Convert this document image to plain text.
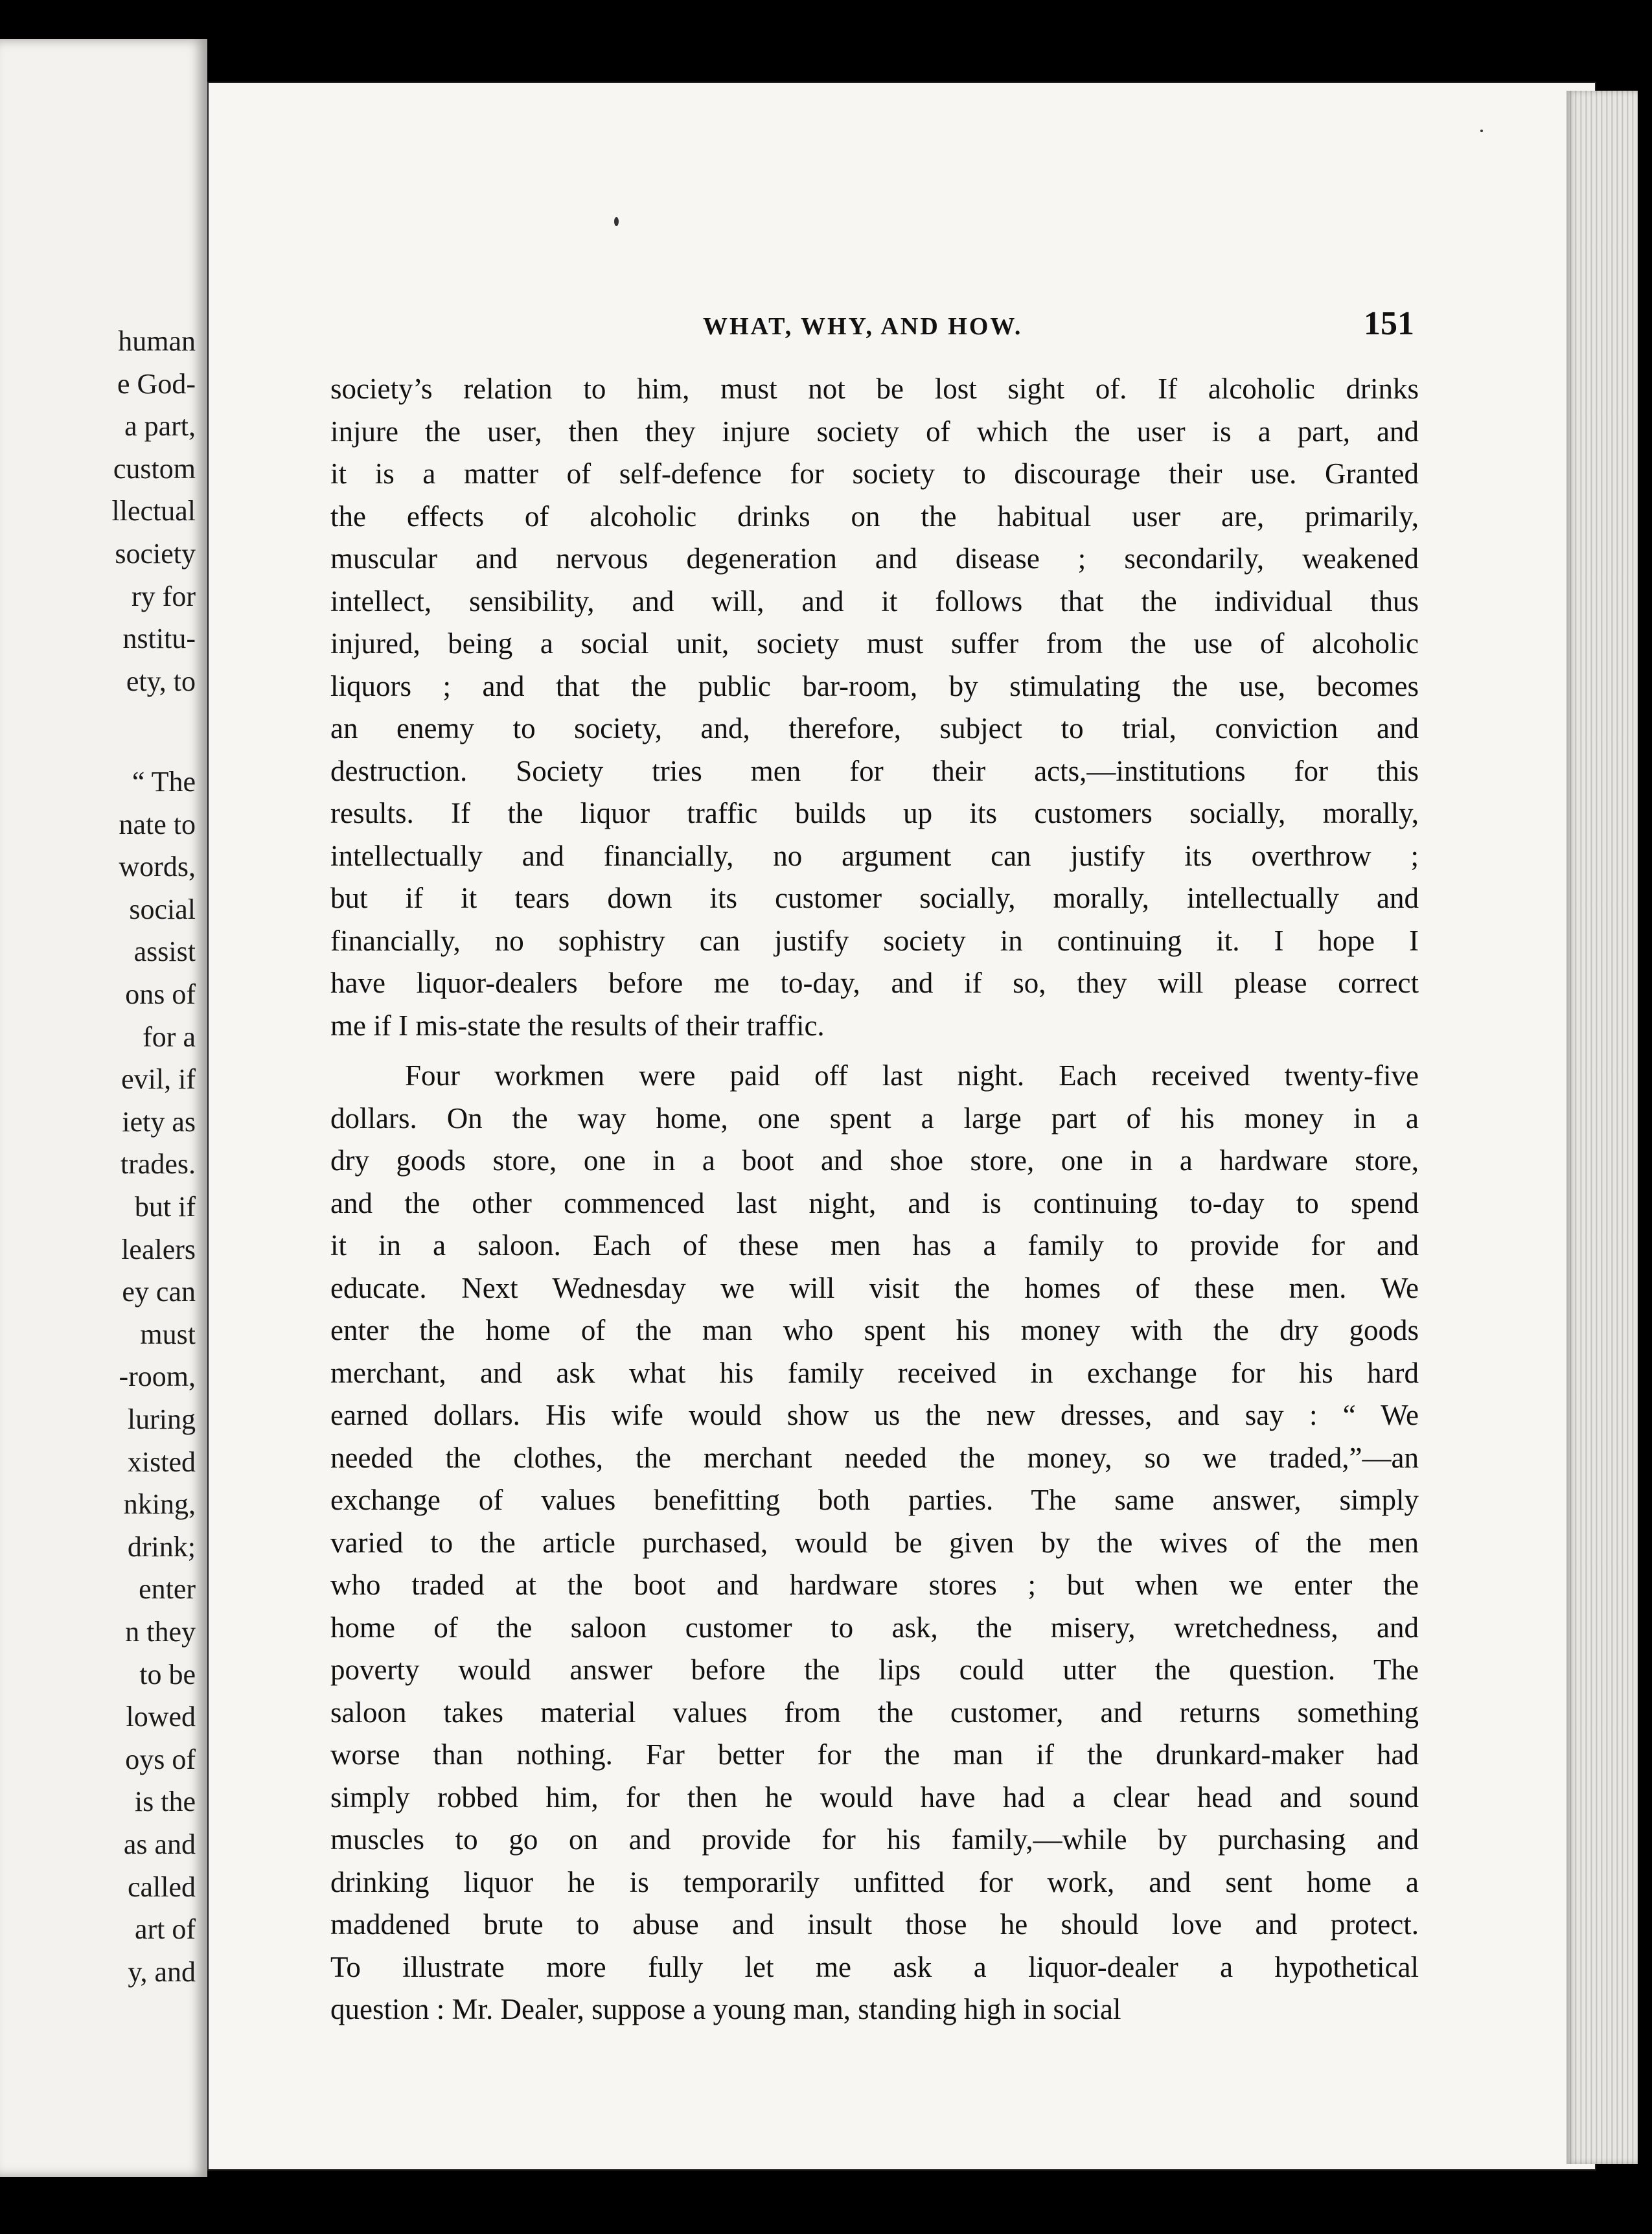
human
e God-
a part,
custom
llectual
society
ry for
nstitu-
ety, to
“ The
nate to
words,
social
assist
ons of
for a
evil, if
iety as
trades.
but if
lealers
ey can
must
-room,
luring
xisted
nking,
drink;
enter
n they
to be
lowed
oys of
is the
as and
called
art of
y, and
WHAT, WHY, AND HOW.	151
society’s relation to him, must not be lost sight of. If alcoholic drinks
injure the user, then they injure society of which the user is a part, and
it is a matter of self-defence for society to discourage their use. Granted
the effects of alcoholic drinks on the habitual user are, primarily,
muscular and nervous degeneration and disease ; secondarily, weakened
intellect, sensibility, and will, and it follows that the individual thus
injured, being a social unit, society must suffer from the use of alcoholic
liquors ; and that the public bar-room, by stimulating the use, becomes
an enemy to society, and, therefore, subject to trial, conviction and
destruction. Society tries men for their acts,—institutions for this
results. If the liquor traffic builds up its customers socially, morally,
intellectually and financially, no argument can justify its overthrow ;
but if it tears down its customer socially, morally, intellectually and
financially, no sophistry can justify society in continuing it. I hope I
have liquor-dealers before me to-day, and if so, they will please correct
me if I mis-state the results of their traffic.
Four workmen were paid off last night. Each received twenty-five
dollars. On the way home, one spent a large part of his money in a
dry goods store, one in a boot and shoe store, one in a hardware store,
and the other commenced last night, and is continuing to-day to spend
it in a saloon. Each of these men has a family to provide for and
educate. Next Wednesday we will visit the homes of these men. We
enter the home of the man who spent his money with the dry goods
merchant, and ask what his family received in exchange for his hard
earned dollars. His wife would show us the new dresses, and say : “ We
needed the clothes, the merchant needed the money, so we traded,”—an
exchange of values benefitting both parties. The same answer, simply
varied to the article purchased, would be given by the wives of the men
who traded at the boot and hardware stores ; but when we enter the
home of the saloon customer to ask, the misery, wretchedness, and
poverty would answer before the lips could utter the question. The
saloon takes material values from the customer, and returns something
worse than nothing. Far better for the man if the drunkard-maker had
simply robbed him, for then he would have had a clear head and sound
muscles to go on and provide for his family,—while by purchasing and
drinking liquor he is temporarily unfitted for work, and sent home a
maddened brute to abuse and insult those he should love and protect.
To illustrate more fully let me ask a liquor-dealer a hypothetical
question : Mr. Dealer, suppose a young man, standing high in social
